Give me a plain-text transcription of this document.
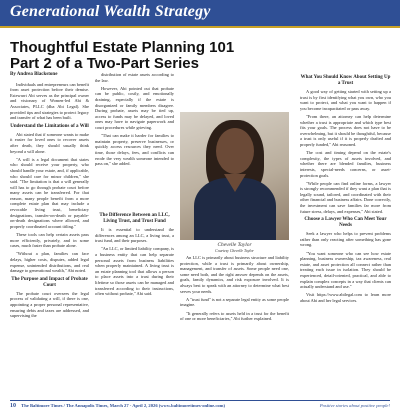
Generational Wealth Strategy
Thoughtful Estate Planning 101
Part 2 of a Two-Part Series

By Andrea Blackstone

Individuals and entrepreneurs can benefit from asset protection before their demise. Estewarrt Abi serves as the principal owner and visionary of Women-led Abi & Associates, PLLC (dba Abi Legal). She provided tips and strategies to protect legacy and transfer of what has been built.

Understand the Limitations of a Will

Abi stated that if someone wants to make it easier for loved ones to recover assets after death, they should usually think beyond a will alone.

"A will is a legal document that states who should receive your property, who should handle your estate, and, if applicable, who should care for minor children," she said. "The limitation is that a will generally will has to go through probate court before many assets can be transferred. For that reason, many people benefit from a more complete estate plan that may include a revocable living trust, beneficiary designations, transfer-on-death or payable-on-death designations where allowed, and properly coordinated account titling."

These tools can help certain assets pass more efficiently, privately, and in some cases, much faster than probate alone.

"Without a plan, families can face delays, higher costs, disputes, added legal expense, unintended distributions, and real damage to generational wealth," Abi noted.

The Purpose and Impact of Probate Court

The probate court oversees the legal process of validating a will, if there is one, appointing a proper personal representative, ensuring debts and taxes are addressed, and supervising the

distribution of estate assets according to the law.

However, Abi pointed out that probate can be public, costly, and emotionally draining, especially if the estate is disorganized or family members disagree. During probate, assets may be tied up, access to funds may be delayed, and loved ones may have to navigate paperwork and court procedures while grieving.

"That can make it harder for families to maintain property, preserve businesses, or quickly access resources they need. Over time, those delays, fees, and conflicts can erode the very wealth someone intended to pass on," she added.

The Difference Between an LLC, Living Trust, and Trust Fund

It is essential to understand the differences among an LLC, a living trust, a trust fund, and their purposes.

"An LLC, or limited liability company, is a business entity that can help separate personal assets from business liabilities when properly maintained. A living trust is an estate planning tool that allows a person to place assets into a trust during their lifetime so those assets can be managed and transferred according to their instructions, often without probate," Abi said.

Chevelle Taylor
Courtesy Chevelle Taylor

An LLC is primarily about business structure and liability protection, while a trust is primarily about ownership, management, and transfer of assets. Some people need one, some need both, and the right answer depends on the assets, goals, family dynamics, and risk exposure involved. It is always best to speak with an attorney to determine what best serves your needs.

A "trust fund" is not a separate legal entity as some people imagine.

"It generally refers to assets held in a trust for the benefit of one or more beneficiaries," Abi further explained.

What You Should Know About Setting Up a Trust

A good way of getting started with setting up a trust is by first identifying what you own, who you want to protect, and what you want to happen if you become incapacitated or pass away.

"From there, an attorney can help determine whether a trust is appropriate and which type best fits your goals. The process does not have to be overwhelming, but it should be thoughtful, because a trust is only useful if it is properly drafted and properly funded," Abi reasoned.

The cost and timing depend on the estate's complexity, the types of assets involved, and whether there are blended families, business interests, special-needs concerns, or asset-protection goals.

"While people can find online forms, a lawyer is strongly recommended if they want a plan that is legally sound, tailored, and coordinated with their other financial and business affairs. Done correctly, the investment can save families far more from future stress, delays, and expenses," Abi stated.

Choose a Lawyer Who Can Meet Your Needs

Seek a lawyer who helps to prevent problems rather than only reacting after something has gone wrong.

"You want someone who can see how estate planning, business ownership, tax awareness, real estate, and asset protection all connect rather than treating each issue in isolation. They should be experienced, detail-oriented, practical, and able to explain complex concepts in a way that clients can actually understand and use."

Visit https://www.abilegal.com to learn more about Abi and her legal services.

10 The Baltimore Times / The Annapolis Times, March 27 - April 2, 2026 (www.baltimoretimes-online.com)	Positive stories about positive people!
